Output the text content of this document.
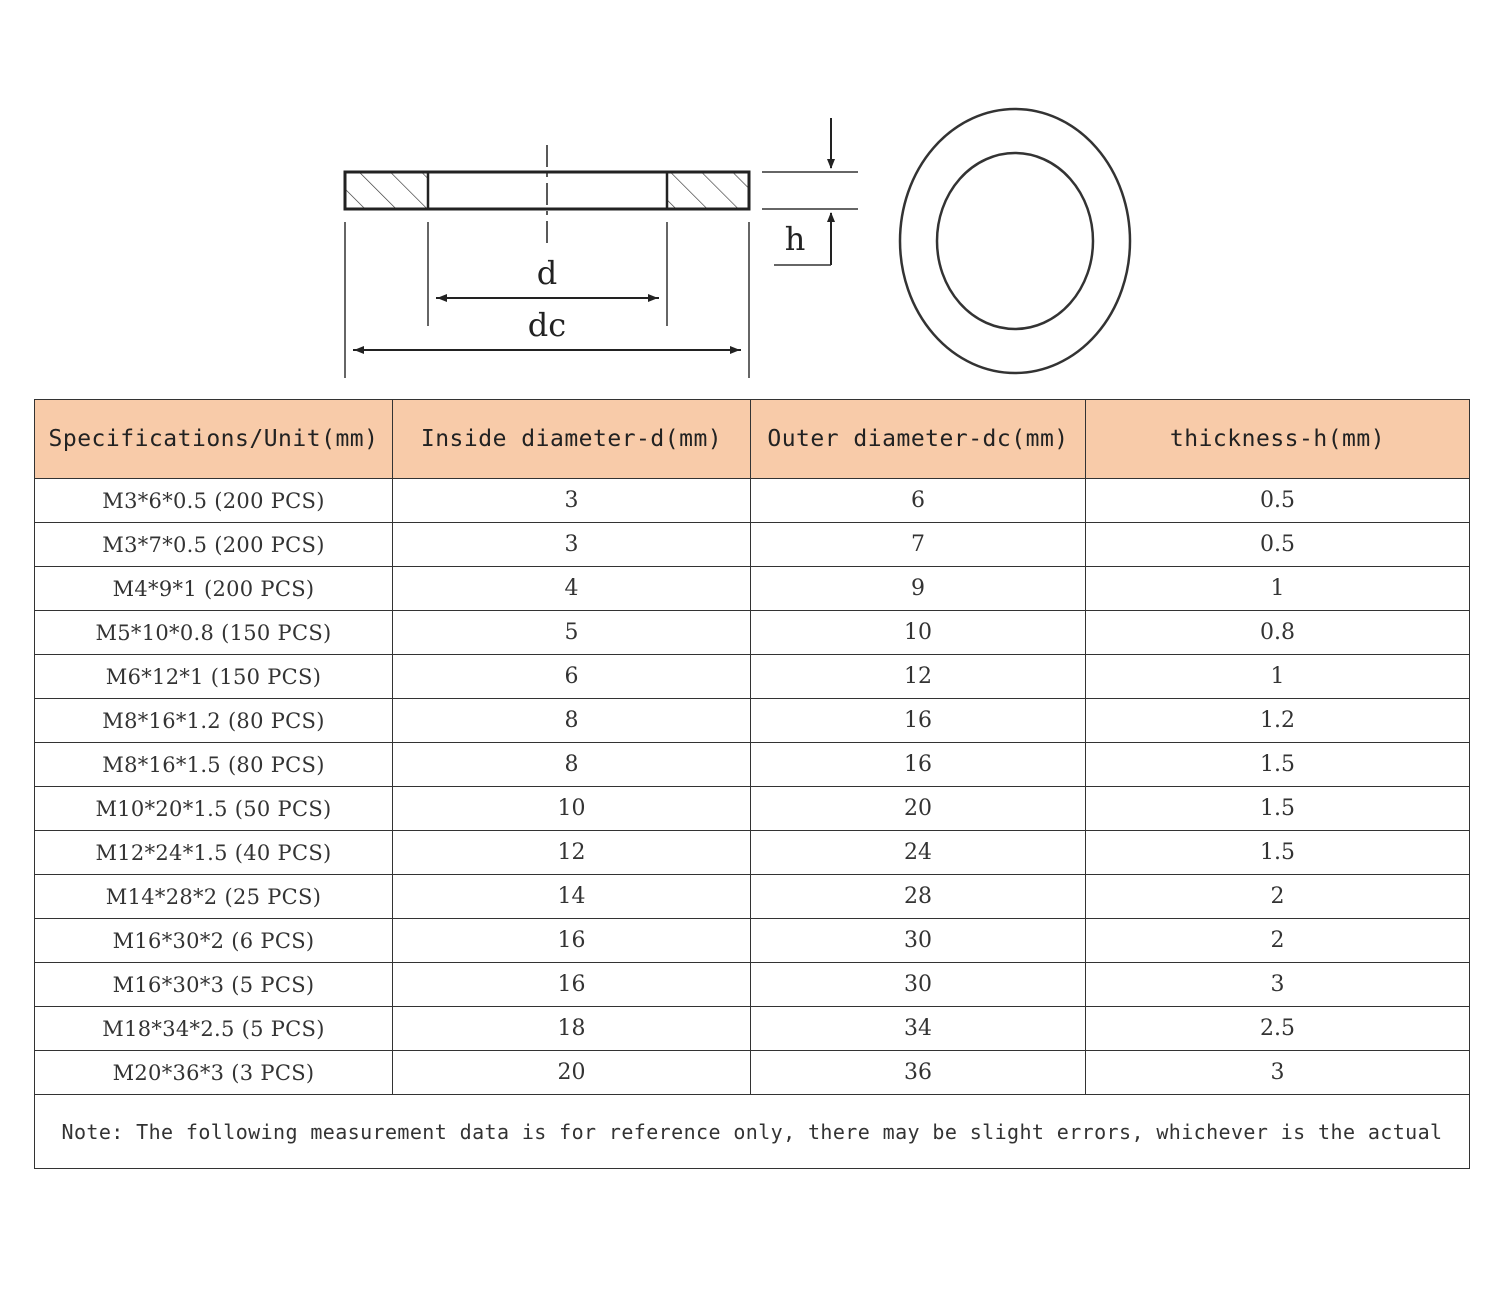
d
dc
h
Specifications/Unit(mm)	Inside diameter-d(mm)	Outer diameter-dc(mm)	thickness-h(mm)
M3*6*0.5 (200 PCS)	3	6	0.5
M3*7*0.5 (200 PCS)	3	7	0.5
M4*9*1 (200 PCS)	4	9	1
M5*10*0.8 (150 PCS)	5	10	0.8
M6*12*1 (150 PCS)	6	12	1
M8*16*1.2 (80 PCS)	8	16	1.2
M8*16*1.5 (80 PCS)	8	16	1.5
M10*20*1.5 (50 PCS)	10	20	1.5
M12*24*1.5 (40 PCS)	12	24	1.5
M14*28*2 (25 PCS)	14	28	2
M16*30*2 (6 PCS)	16	30	2
M16*30*3 (5 PCS)	16	30	3
M18*34*2.5 (5 PCS)	18	34	2.5
M20*36*3 (3 PCS)	20	36	3
Note: The following measurement data is for reference only, there may be slight errors, whichever is the actual			
